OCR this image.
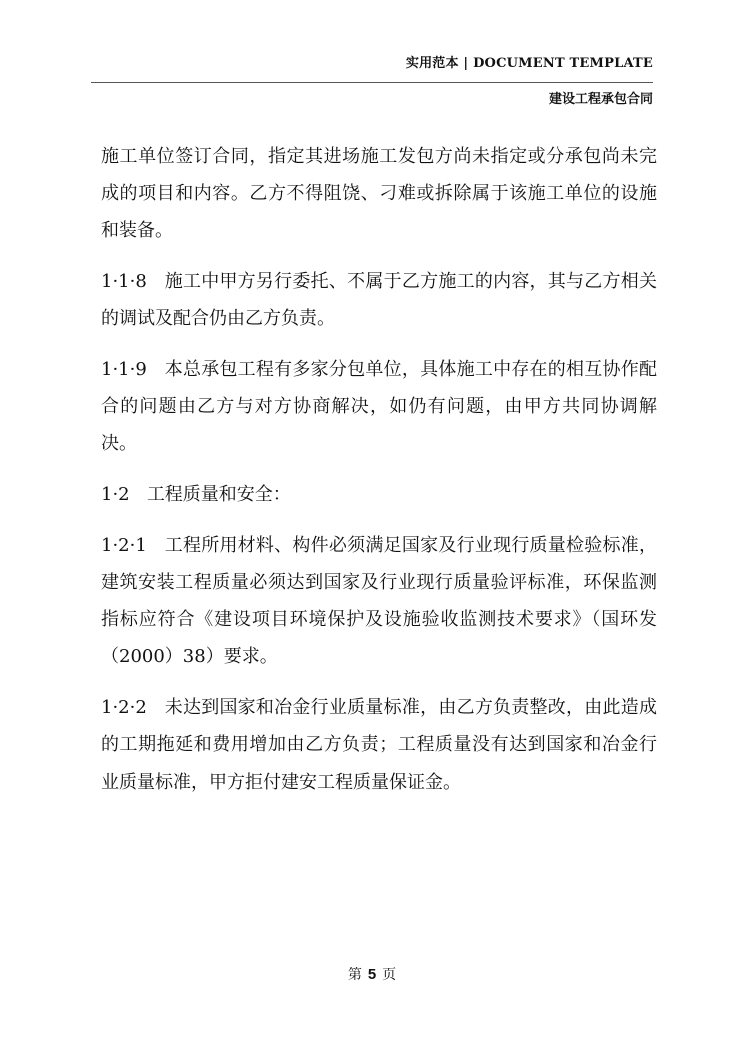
实用范本 | DOCUMENT TEMPLATE
建设工程承包合同

施工单位签订合同，指定其进场施工发包方尚未指定或分承包尚未完成的项目和内容。乙方不得阻饶、刁难或拆除属于该施工单位的设施和装备。

1·1·8 施工中甲方另行委托、不属于乙方施工的内容，其与乙方相关的调试及配合仍由乙方负责。

1·1·9 本总承包工程有多家分包单位，具体施工中存在的相互协作配合的问题由乙方与对方协商解决，如仍有问题，由甲方共同协调解决。

1·2 工程质量和安全：

1·2·1 工程所用材料、构件必须满足国家及行业现行质量检验标准，建筑安装工程质量必须达到国家及行业现行质量验评标准，环保监测指标应符合《建设项目环境保护及设施验收监测技术要求》（国环发（2000）38）要求。

1·2·2 未达到国家和冶金行业质量标准，由乙方负责整改，由此造成的工期拖延和费用增加由乙方负责；工程质量没有达到国家和冶金行业质量标准，甲方拒付建安工程质量保证金。

第 5 页
